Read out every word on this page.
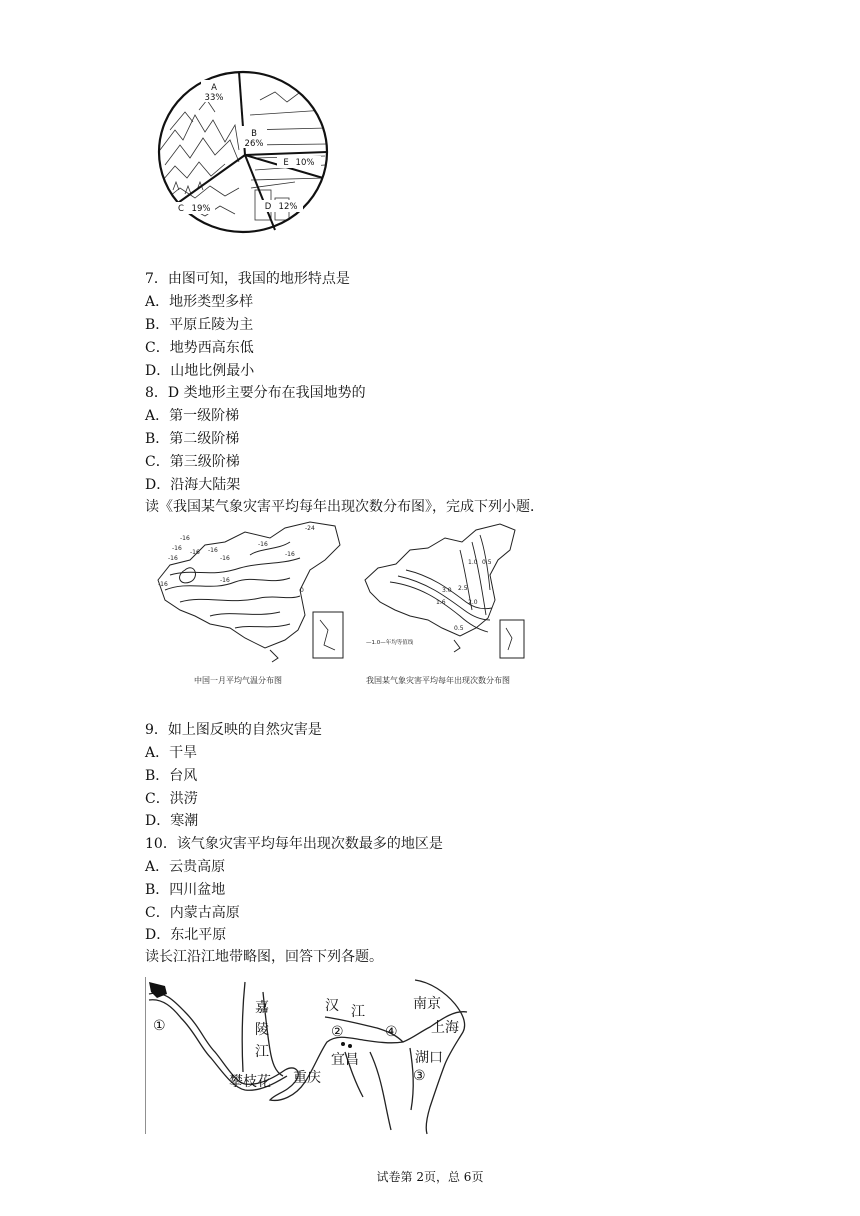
A
33%
B
26%
E 10%
D 12%
C 19%
7．由图可知，我国的地形特点是
A．地形类型多样
B．平原丘陵为主
C．地势西高东低
D．山地比例最小
8．D 类地形主要分布在我国地势的
A．第一级阶梯
B．第二级阶梯
C．第三级阶梯
D．沿海大陆架
读《我国某气象灾害平均每年出现次数分布图》，完成下列小题．
-24
-16
-16
-16 -16
-16	-16
-16
-16
-16
-16
0
中国一月平均气温分布图
1.0 0.5
3.0 2.5
1.6	2.0
0.5
—1.0—年均等值线
我国某气象灾害平均每年出现次数分布图
9．如上图反映的自然灾害是
A．干旱
B．台风
C．洪涝
D．寒潮
10．该气象灾害平均每年出现次数最多的地区是
A．云贵高原
B．四川盆地
C．内蒙古高原
D．东北平原
读长江沿江地带略图，回答下列各题。
嘉
陵
江
汉 江	南京
上海
湖口
宜昌
重庆
攀枝花
①	②
③
④
试卷第 2页，总 6页
